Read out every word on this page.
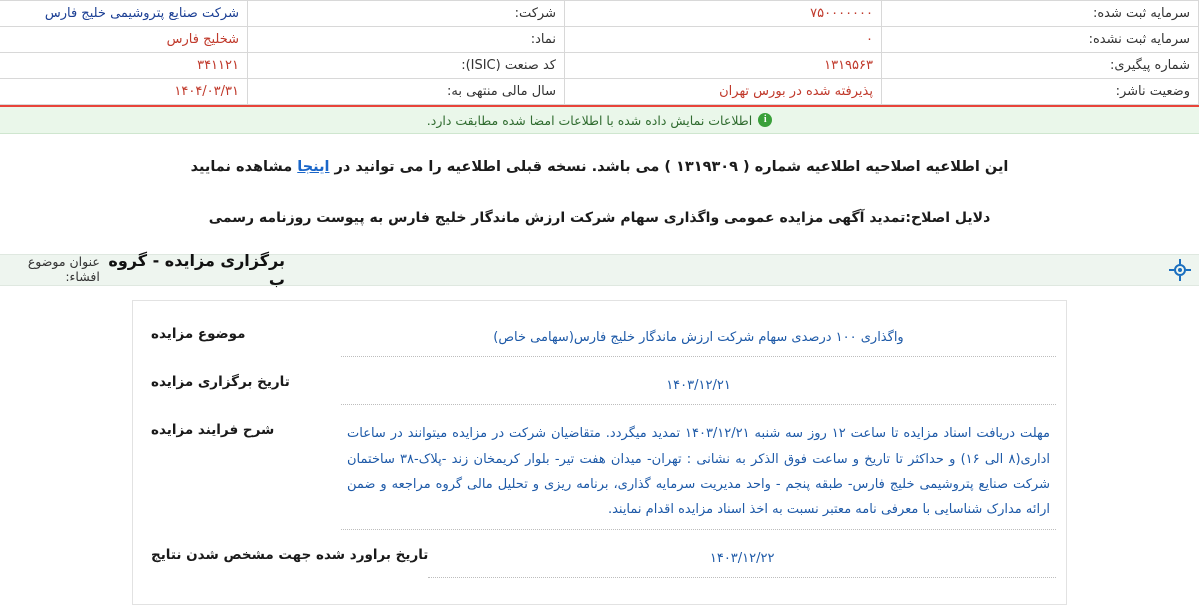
سرمایه ثبت شده:	۷۵۰۰۰۰۰۰۰	شرکت:	شرکت صنایع پتروشیمی خلیج فارس

سرمایه ثبت نشده:	۰	نماد:	شخلیج فارس

شماره پیگیری:	۱۳۱۹۵۶۳	کد صنعت (ISIC):	۳۴۱۱۲۱

وضعیت ناشر:	پذیرفته شده در بورس تهران	سال مالی منتهی به:	۱۴۰۴/۰۳/۳۱
i
اطلاعات نمایش داده شده با اطلاعات امضا شده مطابقت دارد.
این اطلاعیه اصلاحیه اطلاعیه شماره ( ۱۳۱۹۳۰۹ ) می باشد. نسخه قبلی اطلاعیه را می توانید در اینجا مشاهده نمایید
دلایل اصلاح:تمدید آگهی مزایده عمومی واگذاری سهام شرکت ارزش ماندگار خلیج فارس به پیوست روزنامه رسمی
برگزاری مزایده - گروه ب
عنوان موضوع افشاء:
واگذاری ۱۰۰ درصدی سهام شرکت ارزش ماندگار خلیج فارس(سهامی خاص)
موضوع مزایده
۱۴۰۳/۱۲/۲۱
تاریخ برگزاری مزایده
مهلت دریافت اسناد مزایده تا ساعت ۱۲ روز سه شنبه ۱۴۰۳/۱۲/۲۱ تمدید میگردد. متقاضیان شرکت در مزایده میتوانند در ساعات اداری(۸ الی ۱۶) و حداکثر تا تاریخ و ساعت فوق الذکر به نشانی : تهران- میدان هفت تیر- بلوار کریمخان زند -پلاک-۳۸ ساختمان شرکت صنایع پتروشیمی خلیج فارس- طبقه پنجم - واحد مدیریت سرمایه گذاری، برنامه ریزی و تحلیل مالی گروه مراجعه و ضمن ارائه مدارک شناسایی با معرفی نامه معتبر نسبت به اخذ اسناد مزایده اقدام نمایند.
شرح فرایند مزایده
۱۴۰۳/۱۲/۲۲
تاریخ براورد شده جهت مشخص شدن نتایج
